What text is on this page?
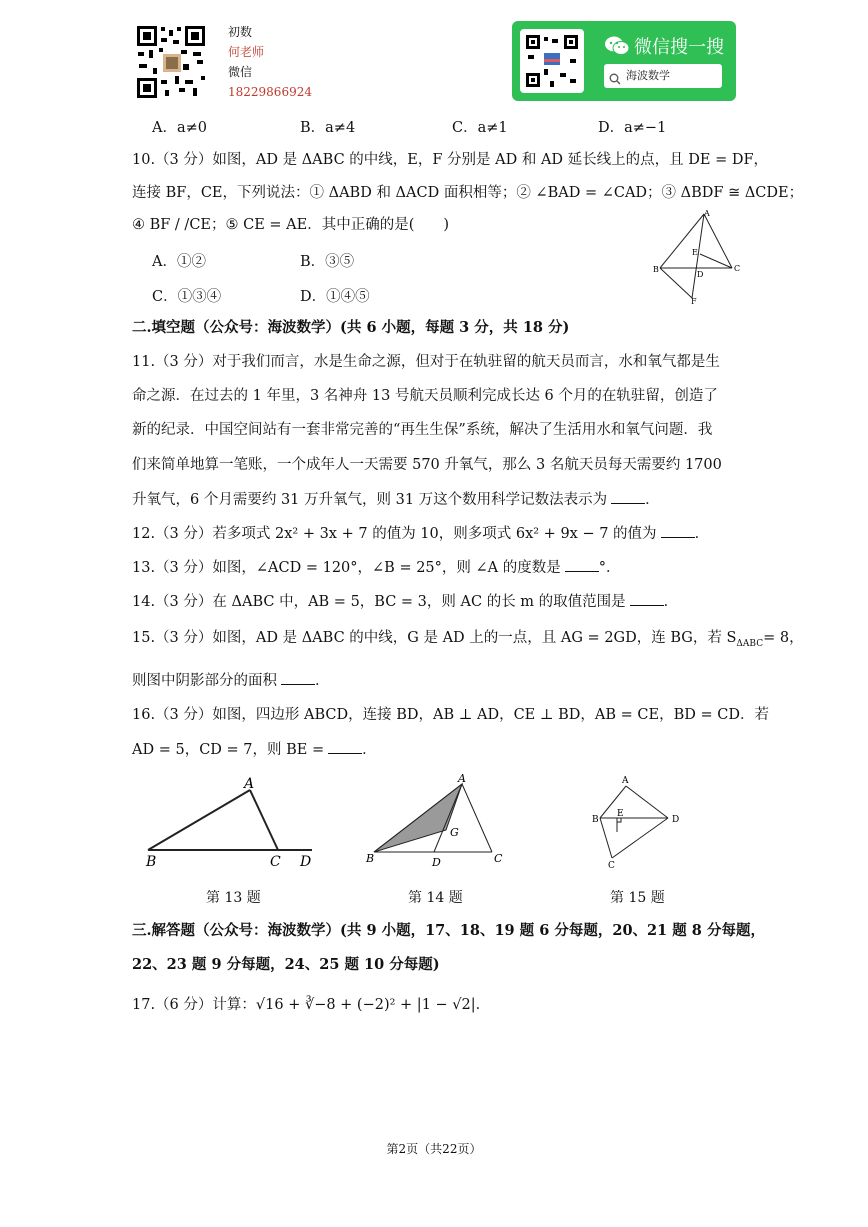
初数
何老师
微信
18229866924
微信搜一搜
海波数学
A．a≠0	B．a≠4	C．a≠1	D．a≠−1
10.（3 分）如图，AD 是 ΔABC 的中线，E，F 分别是 AD 和 AD 延长线上的点，且 DE = DF，
连接 BF，CE，下列说法：① ΔABD 和 ΔACD 面积相等；② ∠BAD = ∠CAD；③ ΔBDF ≅ ΔCDE；
④ BF / /CE；⑤ CE = AE．其中正确的是(　　)
A．①②	B．③⑤
C．①③④	D．①④⑤
A
E
B
D
C
F
二.填空题（公众号：海波数学）(共 6 小题，每题 3 分，共 18 分)
11.（3 分）对于我们而言，水是生命之源，但对于在轨驻留的航天员而言，水和氧气都是生
命之源．在过去的 1 年里，3 名神舟 13 号航天员顺利完成长达 6 个月的在轨驻留，创造了
新的纪录．中国空间站有一套非常完善的“再生生保”系统，解决了生活用水和氧气问题．我
们来简单地算一笔账，一个成年人一天需要 570 升氧气，那么 3 名航天员每天需要约 1700
升氧气，6 个月需要约 31 万升氧气，则 31 万这个数用科学记数法表示为	．
12.（3 分）若多项式 2x² + 3x + 7 的值为 10，则多项式 6x² + 9x − 7 的值为	．
13.（3 分）如图，∠ACD = 120°，∠B = 25°，则 ∠A 的度数是	°．
14.（3 分）在 ΔABC 中，AB = 5，BC = 3，则 AC 的长 m 的取值范围是	．
15.（3 分）如图，AD 是 ΔABC 的中线，G 是 AD 上的一点，且 AG = 2GD，连 BG，若 $S_{\Delta ABC}= 8$，
则图中阴影部分的面积	．
16.（3 分）如图，四边形 ABCD，连接 BD，AB ⊥ AD，CE ⊥ BD，AB = CE，BD = CD．若
AD = 5，CD = 7，则 BE =	．
A
B	C D
A
G
B	D	C
A
E
B	D
C
第 13 题	第 14 题	第 15 题
三.解答题（公众号：海波数学）(共 9 小题，17、18、19 题 6 分每题，20、21 题 8 分每题，
22、23 题 9 分每题，24、25 题 10 分每题)
17.（6 分）计算：√16 + ∛−8 + (−2)² + |1 − √2|．
第2页（共22页）
